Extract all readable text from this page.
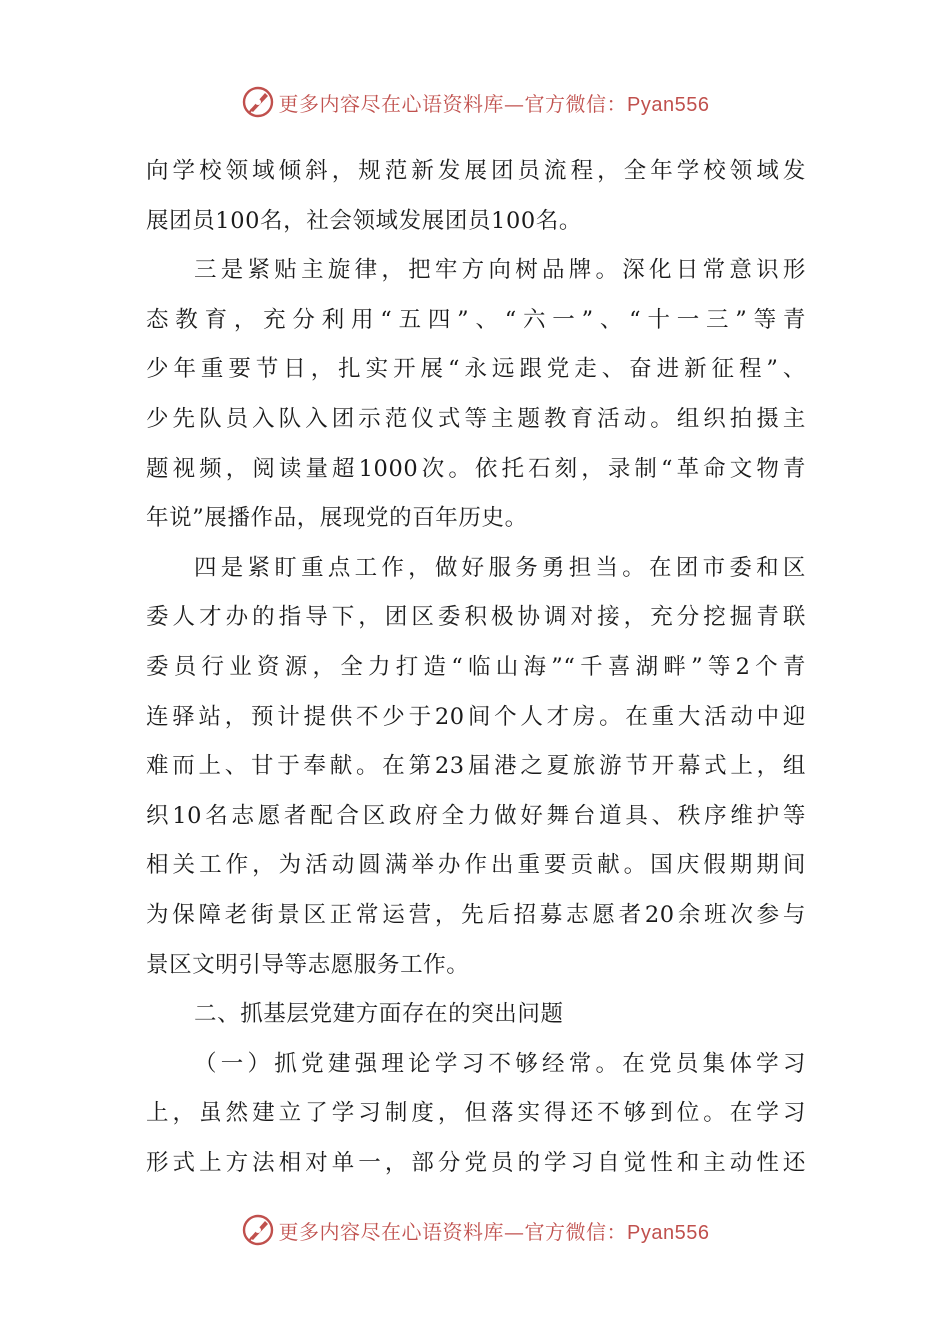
更多内容尽在心语资料库—官方微信：Pyan556
向学校领域倾斜，规范新发展团员流程，全年学校领域发
展团员100名，社会领域发展团员100名。
三是紧贴主旋律，把牢方向树品牌。深化日常意识形
态教育，充分利用“五四”、“六一”、“十一三”等青
少年重要节日，扎实开展“永远跟党走、奋进新征程”、
少先队员入队入团示范仪式等主题教育活动。组织拍摄主
题视频，阅读量超1000次。依托石刻，录制“革命文物青
年说”展播作品，展现党的百年历史。
四是紧盯重点工作，做好服务勇担当。在团市委和区
委人才办的指导下，团区委积极协调对接，充分挖掘青联
委员行业资源，全力打造“临山海”“千喜湖畔”等2个青
连驿站，预计提供不少于20间个人才房。在重大活动中迎
难而上、甘于奉献。在第23届港之夏旅游节开幕式上，组
织10名志愿者配合区政府全力做好舞台道具、秩序维护等
相关工作，为活动圆满举办作出重要贡献。国庆假期期间
为保障老街景区正常运营，先后招募志愿者20余班次参与
景区文明引导等志愿服务工作。
二、抓基层党建方面存在的突出问题
（一）抓党建强理论学习不够经常。在党员集体学习
上，虽然建立了学习制度，但落实得还不够到位。在学习
形式上方法相对单一，部分党员的学习自觉性和主动性还
更多内容尽在心语资料库—官方微信：Pyan556
